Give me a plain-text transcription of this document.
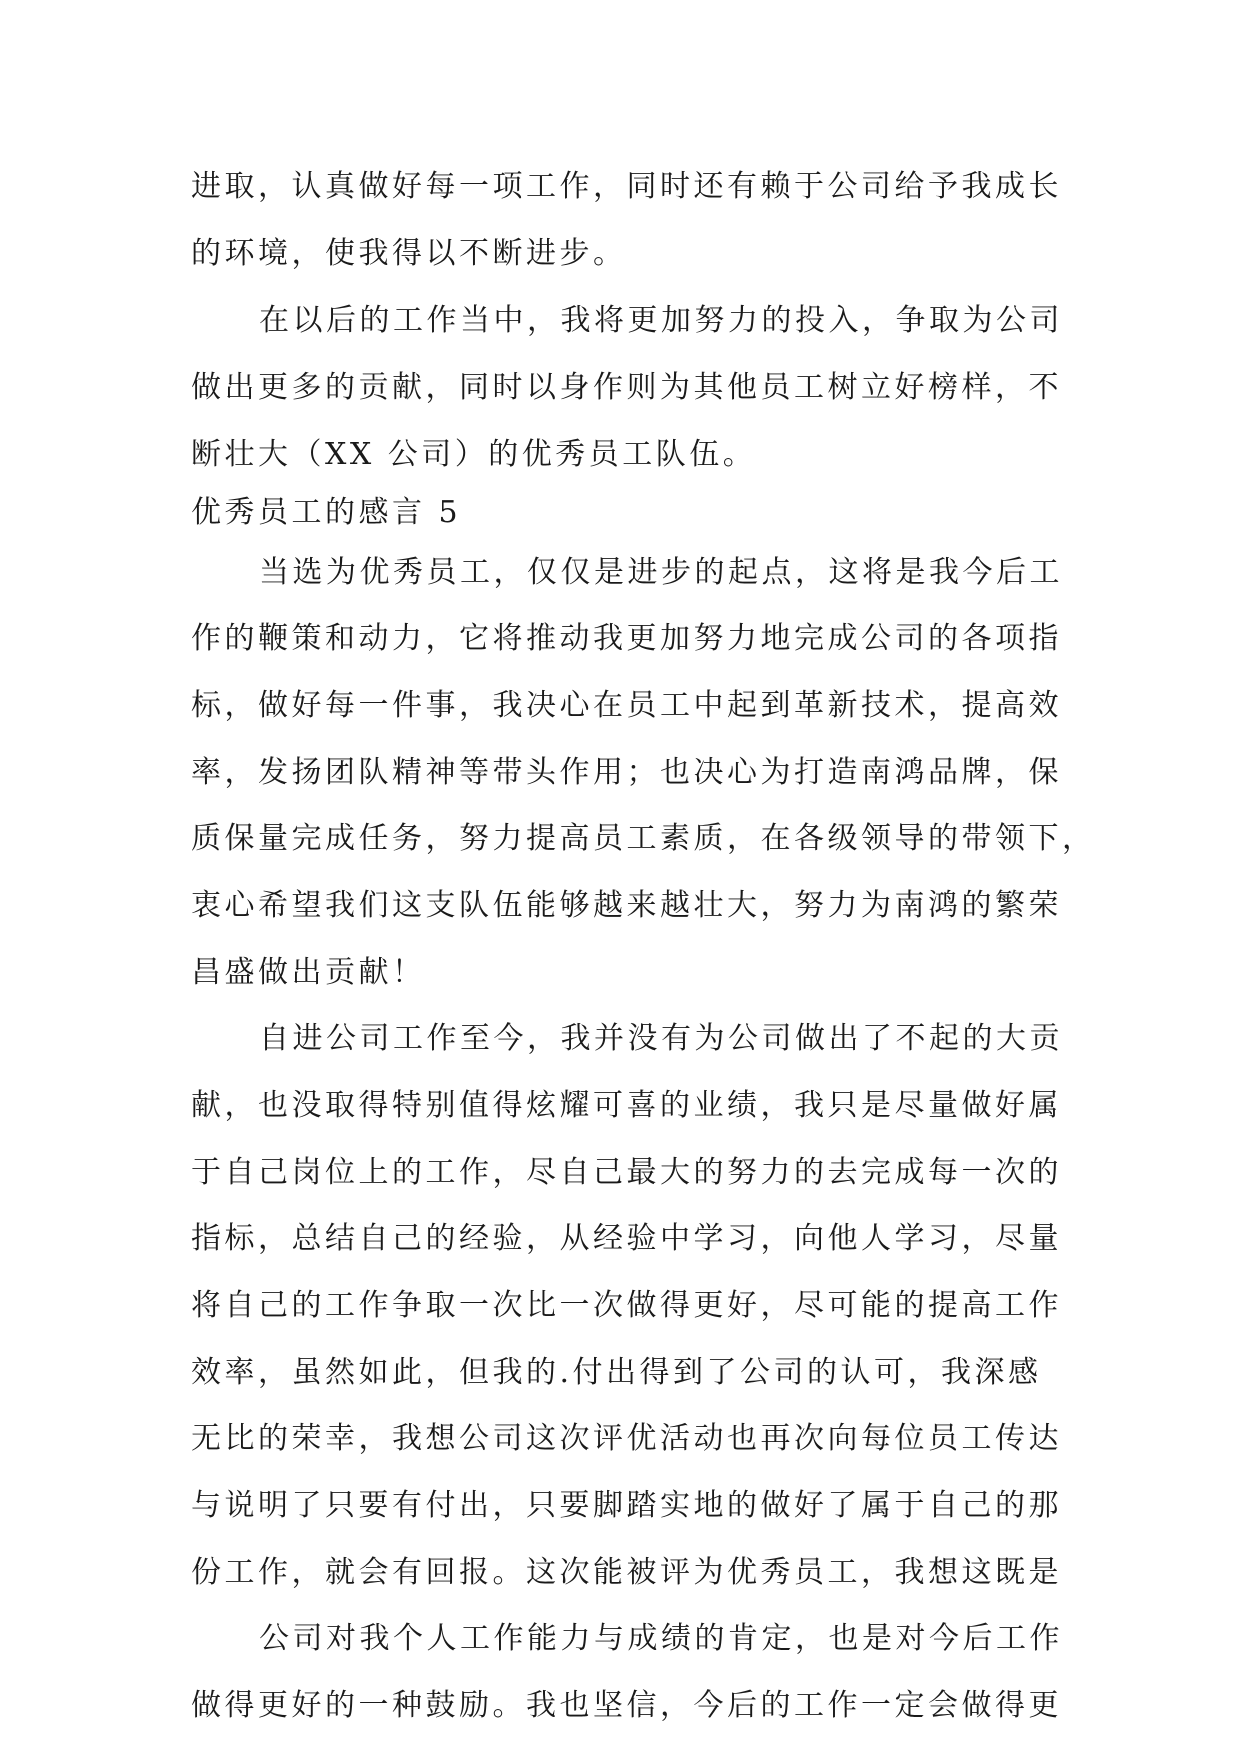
进取，认真做好每一项工作，同时还有赖于公司给予我成长
的环境，使我得以不断进步。
在以后的工作当中，我将更加努力的投入，争取为公司
做出更多的贡献，同时以身作则为其他员工树立好榜样，不
断壮大（XX 公司）的优秀员工队伍。
优秀员工的感言 5
当选为优秀员工，仅仅是进步的起点，这将是我今后工
作的鞭策和动力，它将推动我更加努力地完成公司的各项指
标，做好每一件事，我决心在员工中起到革新技术，提高效
率，发扬团队精神等带头作用；也决心为打造南鸿品牌，保
质保量完成任务，努力提高员工素质，在各级领导的带领下，
衷心希望我们这支队伍能够越来越壮大，努力为南鸿的繁荣
昌盛做出贡献！
自进公司工作至今，我并没有为公司做出了不起的大贡
献，也没取得特别值得炫耀可喜的业绩，我只是尽量做好属
于自己岗位上的工作，尽自己最大的努力的去完成每一次的
指标，总结自己的经验，从经验中学习，向他人学习，尽量
将自己的工作争取一次比一次做得更好，尽可能的提高工作
效率，虽然如此，但我的.付出得到了公司的认可，我深感
无比的荣幸，我想公司这次评优活动也再次向每位员工传达
与说明了只要有付出，只要脚踏实地的做好了属于自己的那
份工作，就会有回报。这次能被评为优秀员工，我想这既是
公司对我个人工作能力与成绩的肯定，也是对今后工作
做得更好的一种鼓励。我也坚信，今后的工作一定会做得更
